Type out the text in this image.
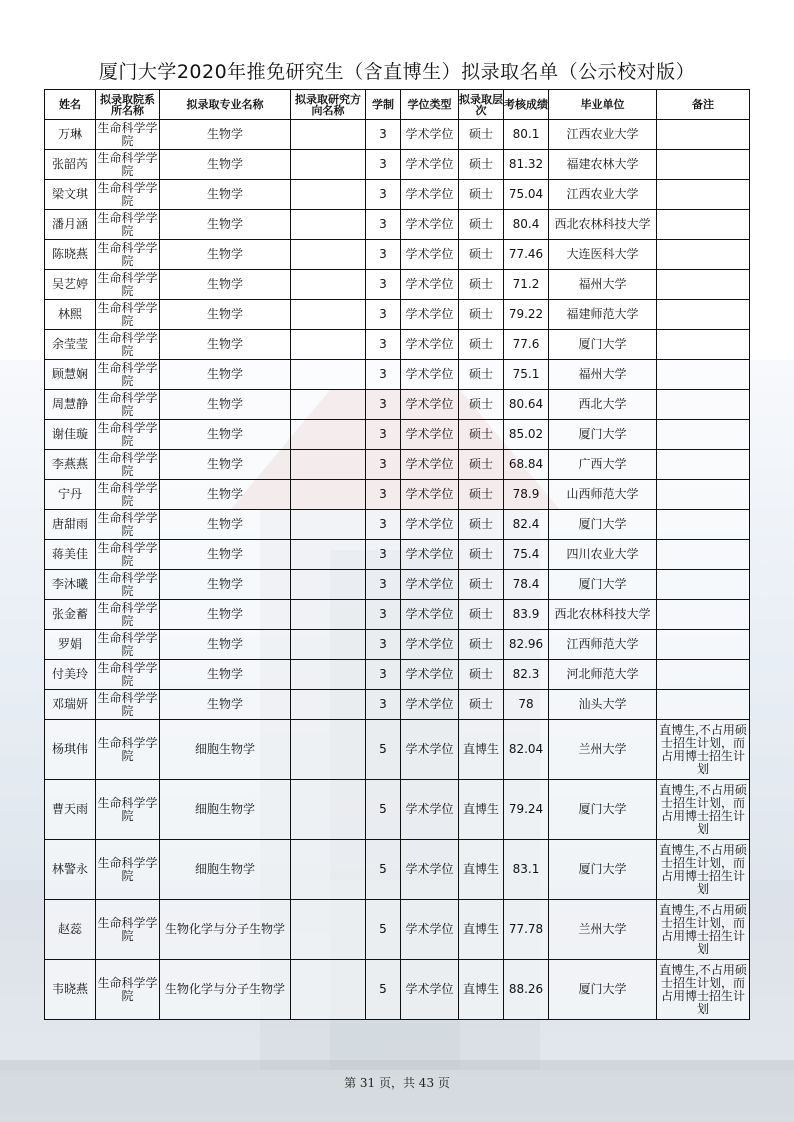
厦门大学2020年推免研究生（含直博生）拟录取名单（公示校对版）
姓名	拟录取院系所名称	拟录取专业名称	拟录取研究方向名称	学制	学位类型	拟录取层次	考核成绩	毕业单位	备注
万琳	生命科学学院	生物学		3	学术学位	硕士	80.1	江西农业大学	
张韶芮	生命科学学院	生物学		3	学术学位	硕士	81.32	福建农林大学	
梁文琪	生命科学学院	生物学		3	学术学位	硕士	75.04	江西农业大学	
潘月涵	生命科学学院	生物学		3	学术学位	硕士	80.4	西北农林科技大学	
陈晓燕	生命科学学院	生物学		3	学术学位	硕士	77.46	大连医科大学	
吴艺婷	生命科学学院	生物学		3	学术学位	硕士	71.2	福州大学	
林熙	生命科学学院	生物学		3	学术学位	硕士	79.22	福建师范大学	
余莹莹	生命科学学院	生物学		3	学术学位	硕士	77.6	厦门大学	
顾慧娴	生命科学学院	生物学		3	学术学位	硕士	75.1	福州大学	
周慧静	生命科学学院	生物学		3	学术学位	硕士	80.64	西北大学	
谢佳璇	生命科学学院	生物学		3	学术学位	硕士	85.02	厦门大学	
李燕燕	生命科学学院	生物学		3	学术学位	硕士	68.84	广西大学	
宁丹	生命科学学院	生物学		3	学术学位	硕士	78.9	山西师范大学	
唐甜雨	生命科学学院	生物学		3	学术学位	硕士	82.4	厦门大学	
蒋美佳	生命科学学院	生物学		3	学术学位	硕士	75.4	四川农业大学	
李沐曦	生命科学学院	生物学		3	学术学位	硕士	78.4	厦门大学	
张金蓄	生命科学学院	生物学		3	学术学位	硕士	83.9	西北农林科技大学	
罗娟	生命科学学院	生物学		3	学术学位	硕士	82.96	江西师范大学	
付美玲	生命科学学院	生物学		3	学术学位	硕士	82.3	河北师范大学	
邓瑞妍	生命科学学院	生物学		3	学术学位	硕士	78	汕头大学	
杨琪伟	生命科学学院	细胞生物学		5	学术学位	直博生	82.04	兰州大学	直博生,不占用硕士招生计划，而占用博士招生计划
曹天雨	生命科学学院	细胞生物学		5	学术学位	直博生	79.24	厦门大学	直博生,不占用硕士招生计划，而占用博士招生计划
林警永	生命科学学院	细胞生物学		5	学术学位	直博生	83.1	厦门大学	直博生,不占用硕士招生计划，而占用博士招生计划
赵蕊	生命科学学院	生物化学与分子生物学		5	学术学位	直博生	77.78	兰州大学	直博生,不占用硕士招生计划，而占用博士招生计划
韦晓燕	生命科学学院	生物化学与分子生物学		5	学术学位	直博生	88.26	厦门大学	直博生,不占用硕士招生计划，而占用博士招生计划
第 31 页，共 43 页
